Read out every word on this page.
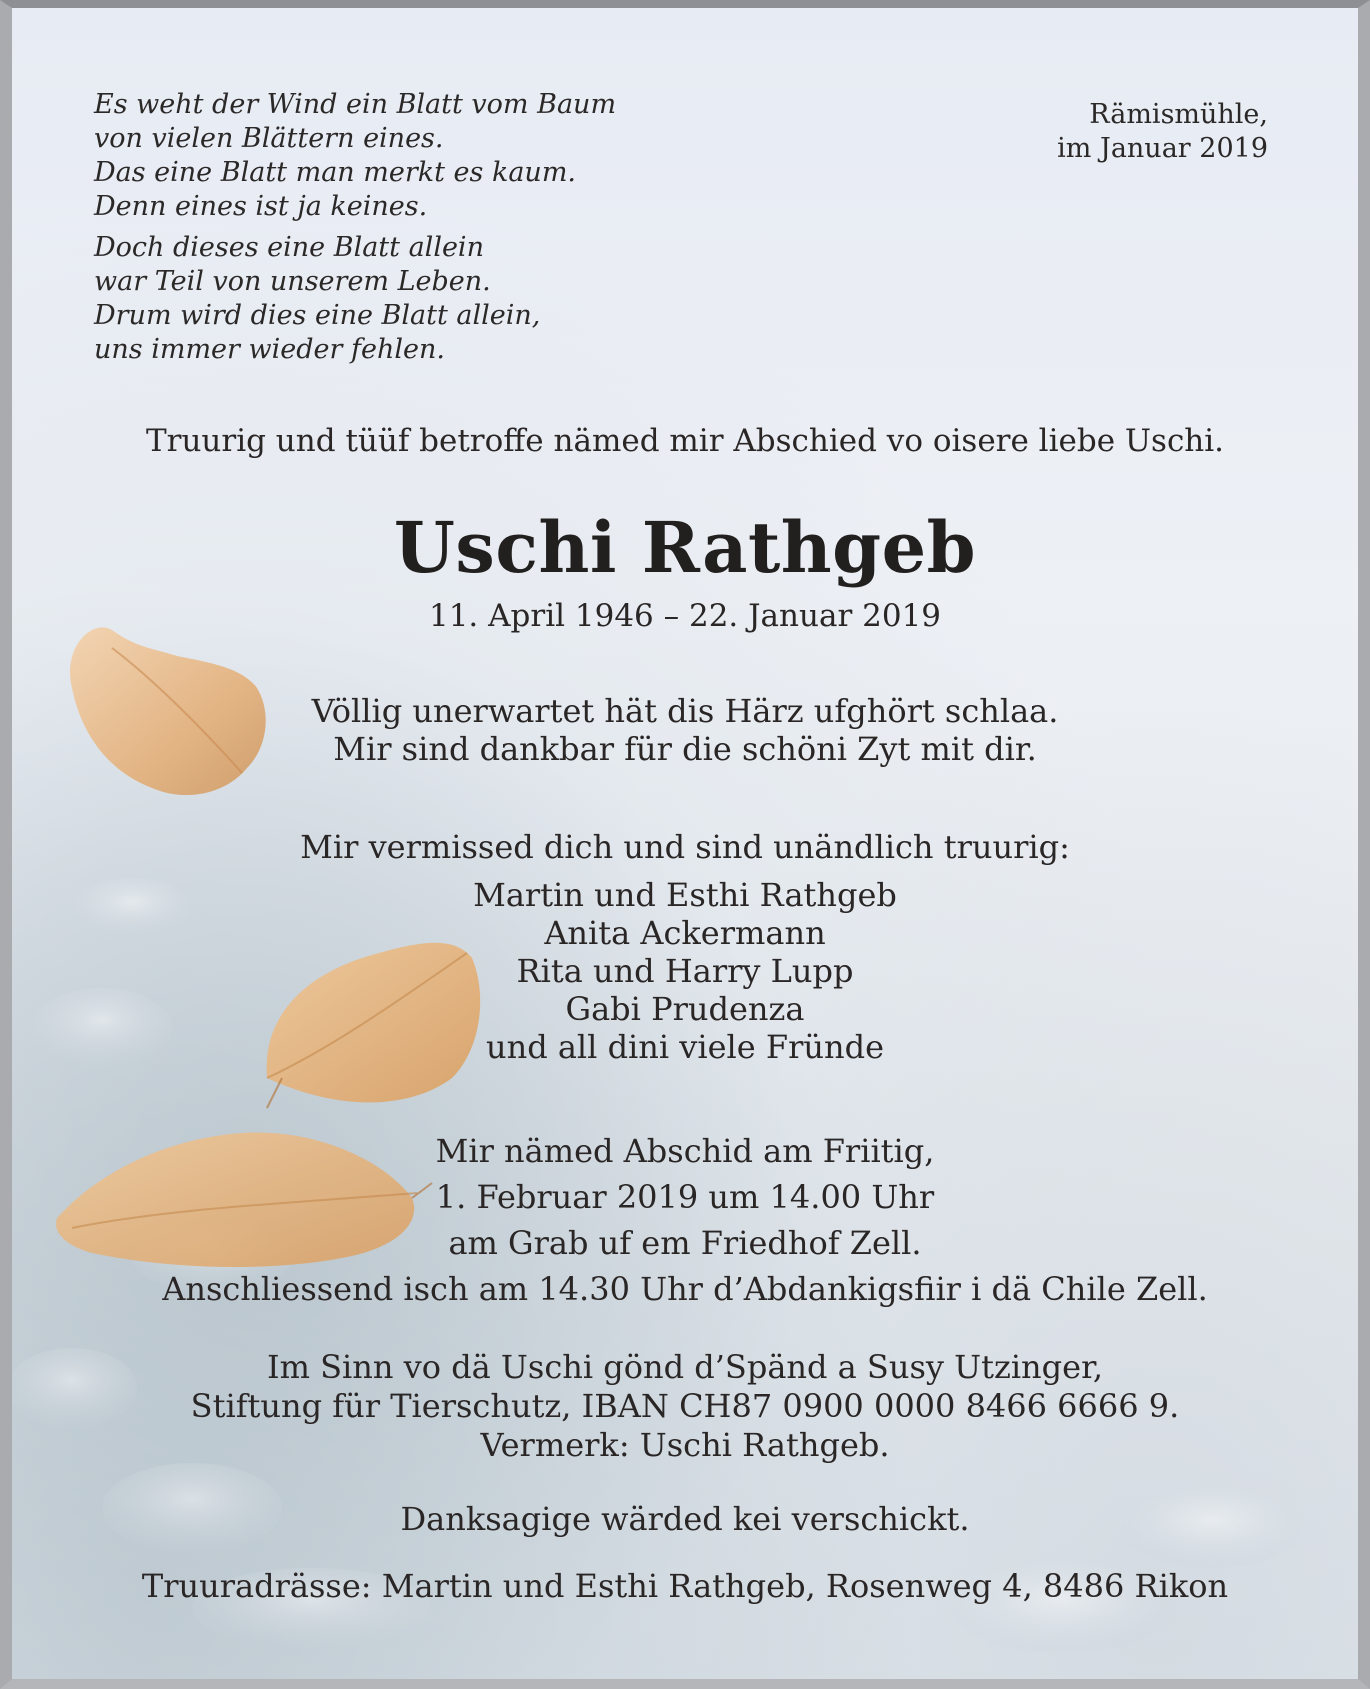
Es weht der Wind ein Blatt vom Baum
von vielen Blättern eines.
Das eine Blatt man merkt es kaum.
Denn eines ist ja keines.
Doch dieses eine Blatt allein
war Teil von unserem Leben.
Drum wird dies eine Blatt allein,
uns immer wieder fehlen.
Rämismühle,
im Januar 2019
Truurig und tüüf betroffe nämed mir Abschied vo oisere liebe Uschi.
Uschi Rathgeb
11. April 1946 – 22. Januar 2019
Völlig unerwartet hät dis Härz ufghört schlaa.
Mir sind dankbar für die schöni Zyt mit dir.
Mir vermissed dich und sind unändlich truurig:
Martin und Esthi Rathgeb
Anita Ackermann
Rita und Harry Lupp
Gabi Prudenza
und all dini viele Fründe
Mir nämed Abschid am Friitig,
1. Februar 2019 um 14.00 Uhr
am Grab uf em Friedhof Zell.
Anschliessend isch am 14.30 Uhr d’Abdankigsfiir i dä Chile Zell.
Im Sinn vo dä Uschi gönd d’Spänd a Susy Utzinger,
Stiftung für Tierschutz, IBAN CH87 0900 0000 8466 6666 9.
Vermerk: Uschi Rathgeb.
Danksagige wärded kei verschickt.
Truuradrässe: Martin und Esthi Rathgeb, Rosenweg 4, 8486 Rikon
